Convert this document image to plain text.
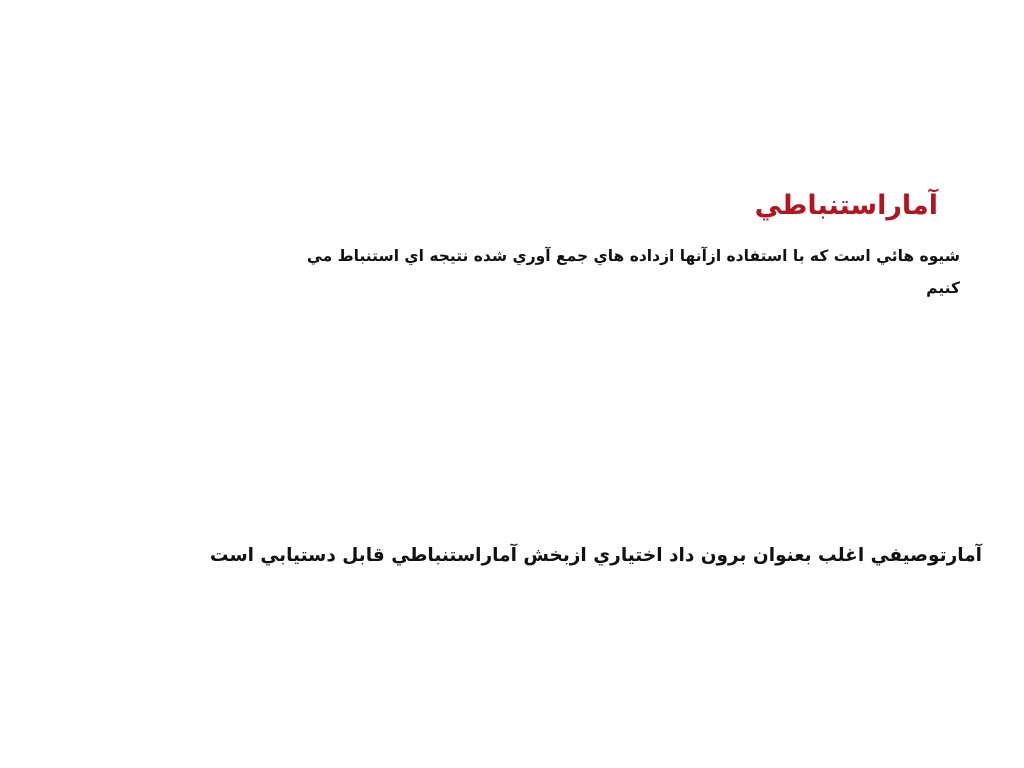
آماراستنباطي
شيوه هائي است كه با استفاده ازآنها ازداده هاي جمع آوري شده نتيجه اي استنباط مي
كنيم
آمارتوصيفي اغلب بعنوان برون داد اختياري ازبخش آماراستنباطي قابل دستيابي است
